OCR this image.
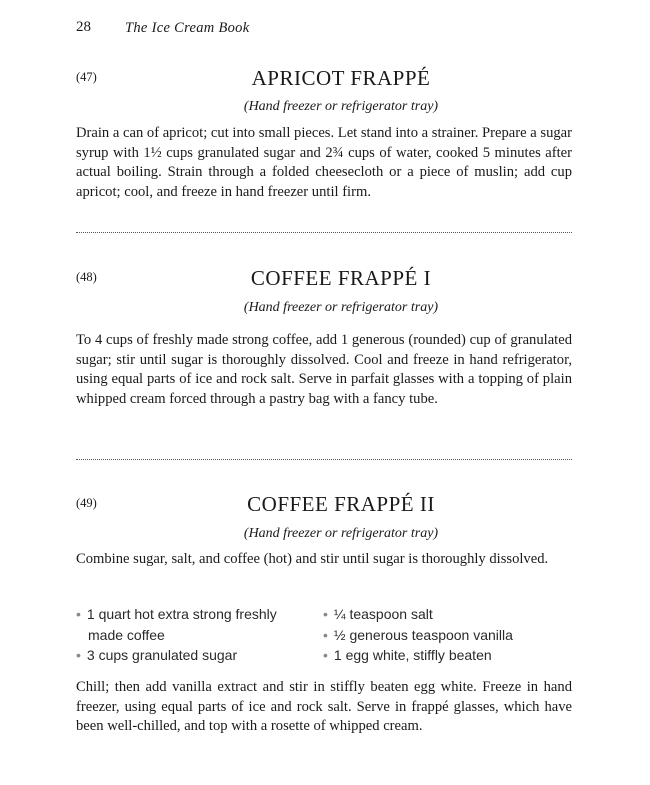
28 The Ice Cream Book
(47)	APRICOT FRAPPÉ
(Hand freezer or refrigerator tray)
Drain a can of apricot; cut into small pieces. Let stand into a strainer. Prepare a sugar syrup with 1½ cups granulated sugar and 2¾ cups of water, cooked 5 minutes after actual boiling. Strain through a folded cheesecloth or a piece of muslin; add cup apricot; cool, and freeze in hand freezer until firm.
(48)	COFFEE FRAPPÉ I
(Hand freezer or refrigerator tray)
To 4 cups of freshly made strong coffee, add 1 generous (rounded) cup of granulated sugar; stir until sugar is thoroughly dissolved. Cool and freeze in hand refrigerator, using equal parts of ice and rock salt. Serve in parfait glasses with a topping of plain whipped cream forced through a pastry bag with a fancy tube.
(49)	COFFEE FRAPPÉ II
(Hand freezer or refrigerator tray)
Combine sugar, salt, and coffee (hot) and stir until sugar is thoroughly dissolved.
• 1 quart hot extra strong freshly
made coffee
• 3 cups granulated sugar
• ¼ teaspoon salt
• ½ generous teaspoon vanilla
• 1 egg white, stiffly beaten
Chill; then add vanilla extract and stir in stiffly beaten egg white. Freeze in hand freezer, using equal parts of ice and rock salt. Serve in frappé glasses, which have been well-chilled, and top with a rosette of whipped cream.
